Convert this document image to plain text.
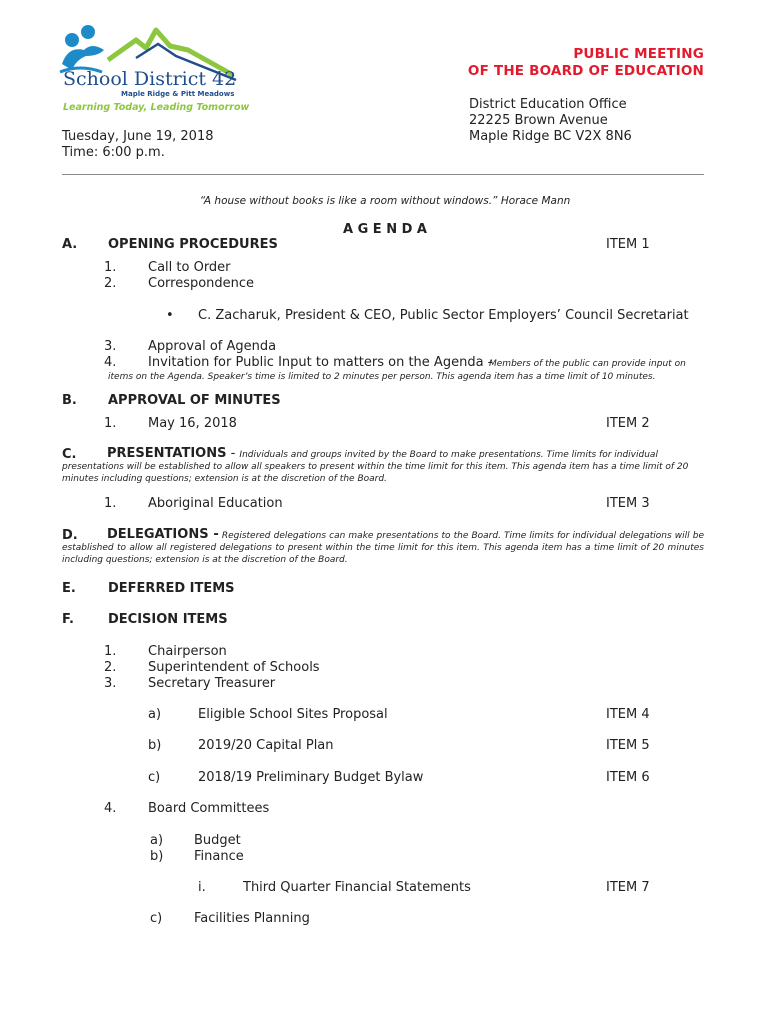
School District 42
Maple Ridge & Pitt Meadows
Learning Today, Leading Tomorrow
PUBLIC MEETING
OF THE BOARD OF EDUCATION
District Education Office
22225 Brown Avenue
Maple Ridge BC V2X 8N6
Tuesday, June 19, 2018
Time: 6:00 p.m.
“A house without books is like a room without windows.” Horace Mann
A G E N D A
A. OPENING PROCEDURES	ITEM 1
1. Call to Order
2. Correspondence
• C. Zacharuk, President & CEO, Public Sector Employers’ Council Secretariat
3. Approval of Agenda
4. Invitation for Public Input to matters on the Agenda -
Members of the public can provide input on
items on the Agenda. Speaker’s time is limited to 2 minutes per person. This agenda item has a time limit of 10 minutes.
B. APPROVAL OF MINUTES
1. May 16, 2018	ITEM 2
C.	PRESENTATIONS - Individuals and groups invited by the Board to make presentations. Time limits for individual presentations will be established to allow all speakers to present within the time limit for this item. This agenda item has a time limit of 20 minutes including questions; extension is at the discretion of the Board.
1. Aboriginal Education	ITEM 3
D.	DELEGATIONS - Registered delegations can make presentations to the Board. Time limits for individual delegations will be established to allow all registered delegations to present within the time limit for this item. This agenda item has a time limit of 20 minutes including questions; extension is at the discretion of the Board.
E. DEFERRED ITEMS
F.	DECISION ITEMS
1. Chairperson
2. Superintendent of Schools
3. Secretary Treasurer
a)	Eligible School Sites Proposal	ITEM 4
b)	2019/20 Capital Plan	ITEM 5
c)	2018/19 Preliminary Budget Bylaw	ITEM 6
4. Board Committees
a) Budget
b) Finance
i.	Third Quarter Financial Statements	ITEM 7
c) Facilities Planning
